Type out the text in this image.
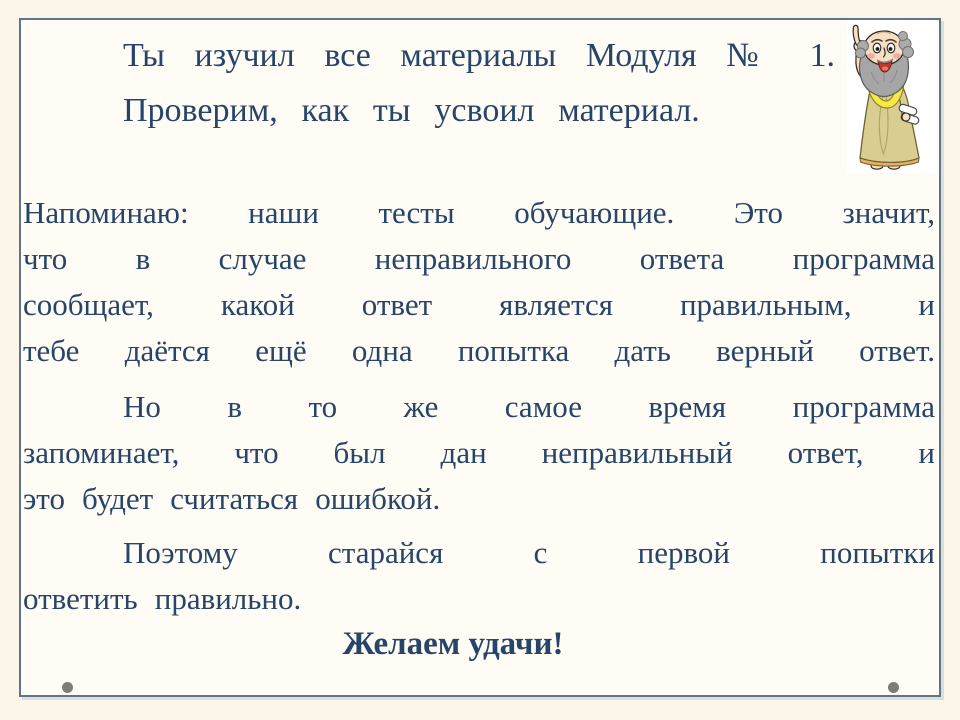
Ты изучил все материалы Модуля № 1.
Проверим, как ты усвоил материал.
Напоминаю: наши тесты обучающие. Это значит,
что в случае неправильного ответа программа
сообщает, какой ответ является правильным, и
тебе даётся ещё одна попытка дать верный ответ.
Но в то же самое время программа
запоминает, что был дан неправильный ответ, и
это будет считаться ошибкой.
Поэтому старайся с первой попытки
ответить правильно.
Желаем удачи!
